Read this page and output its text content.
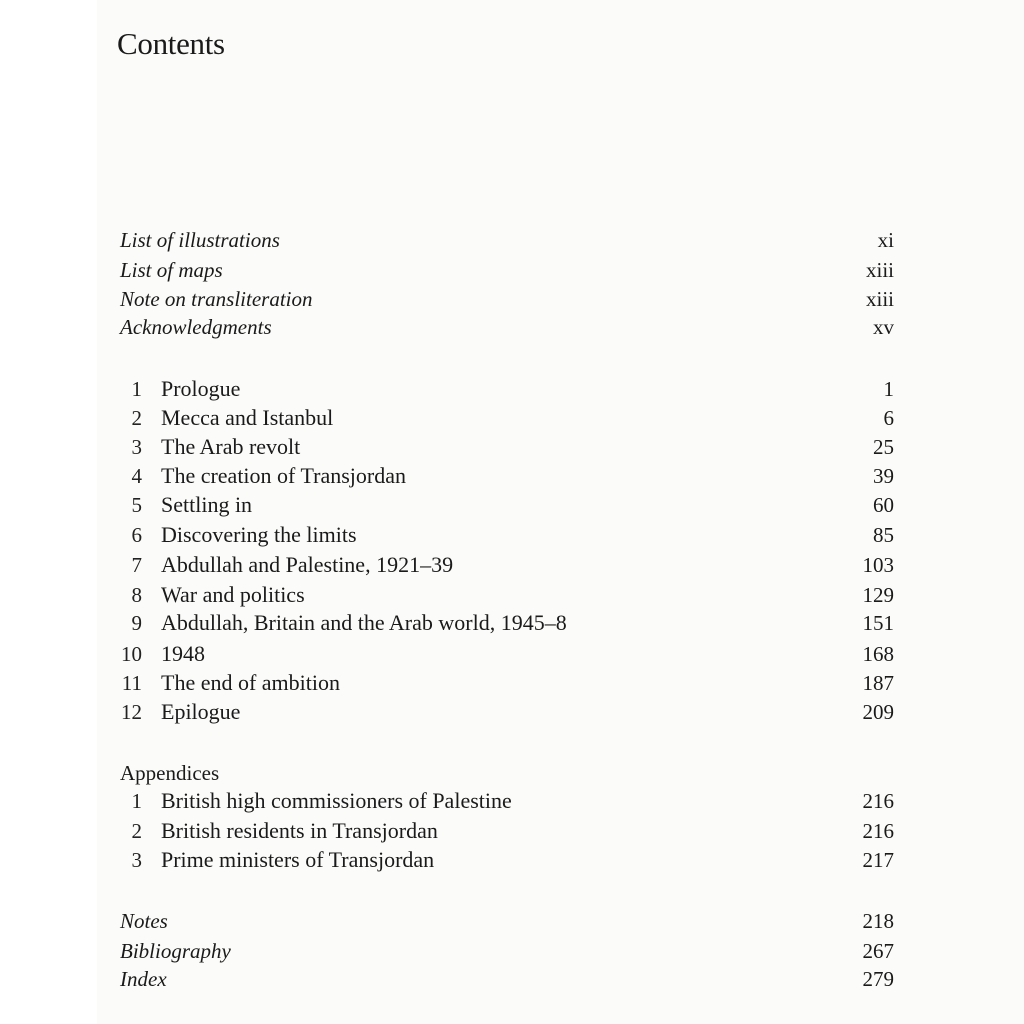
Contents
List of illustrations	xi
List of maps	xiii
Note on transliteration	xiii
Acknowledgments	xv
1 Prologue	1
2 Mecca and Istanbul	6
3 The Arab revolt	25
4 The creation of Transjordan	39
5 Settling in	60
6 Discovering the limits	85
7 Abdullah and Palestine, 1921–39	103
8 War and politics	129
9 Abdullah, Britain and the Arab world, 1945–8	151
10 1948	168
11 The end of ambition	187
12 Epilogue	209
Appendices
1 British high commissioners of Palestine	216
2 British residents in Transjordan	216
3 Prime ministers of Transjordan	217
Notes	218
Bibliography	267
Index	279
